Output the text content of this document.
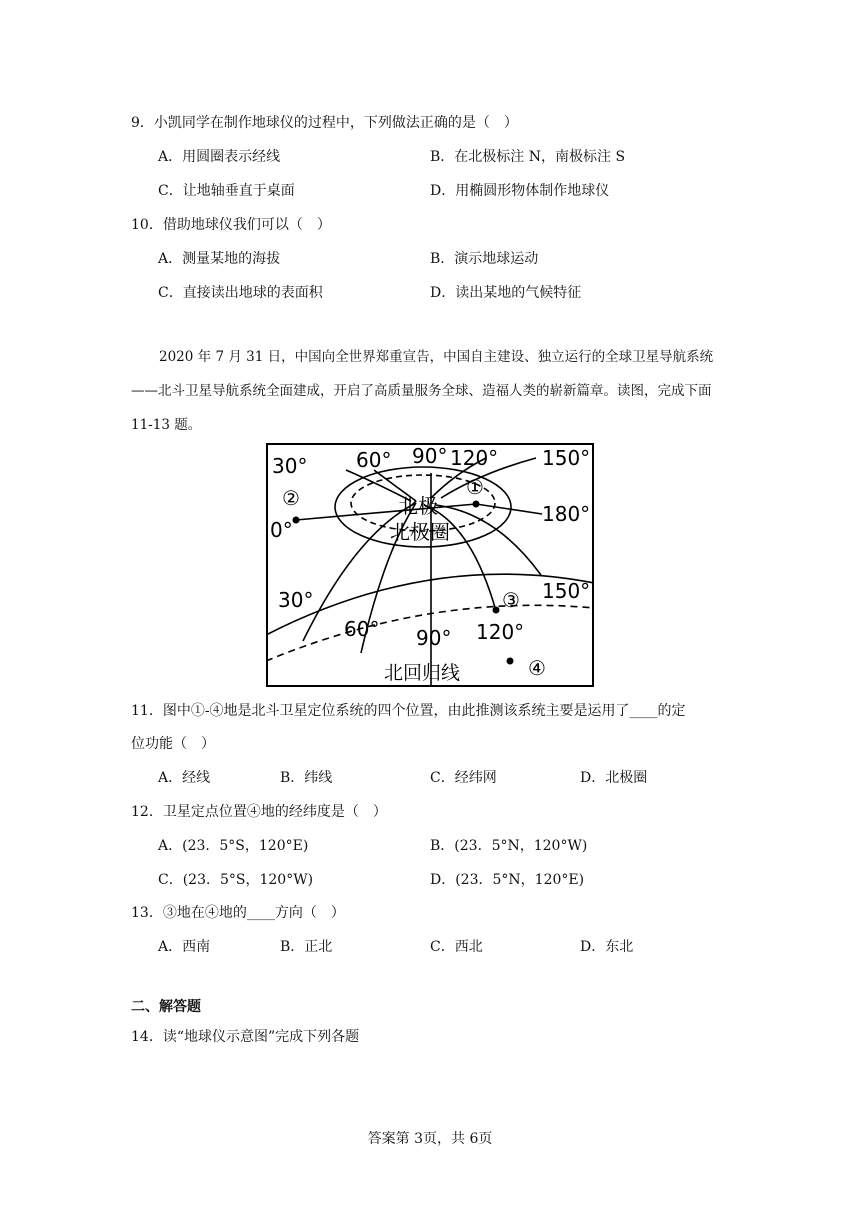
9．小凯同学在制作地球仪的过程中，下列做法正确的是（　）
A．用圆圈表示经线	B．在北极标注 N，南极标注 S
C．让地轴垂直于桌面	D．用椭圆形物体制作地球仪
10．借助地球仪我们可以（　）
A．测量某地的海拔	B．演示地球运动
C．直接读出地球的表面积	D．读出某地的气候特征
2020 年 7 月 31 日，中国向全世界郑重宣告，中国自主建设、独立运行的全球卫星导航系统——北斗卫星导航系统全面建成，开启了高质量服务全球、造福人类的崭新篇章。读图，完成下面 11-13 题。
30° 60° 90° 120° 150°
0°
180°
30°
60° 90° 120°
150°
北极
北极圈
北回归线
②	①
③
④
11．图中①-④地是北斗卫星定位系统的四个位置，由此推测该系统主要是运用了____的定
位功能（　）
A．经线	B．纬线	C．经纬网	D．北极圈
12．卫星定点位置④地的经纬度是（　）
A．(23．5°S，120°E)	B．(23．5°N，120°W)
C．(23．5°S，120°W)	D．(23．5°N，120°E)
13．③地在④地的____方向（　）
A．西南	B．正北	C．西北	D．东北
二、解答题
14．读“地球仪示意图”完成下列各题
答案第 3页，共 6页
